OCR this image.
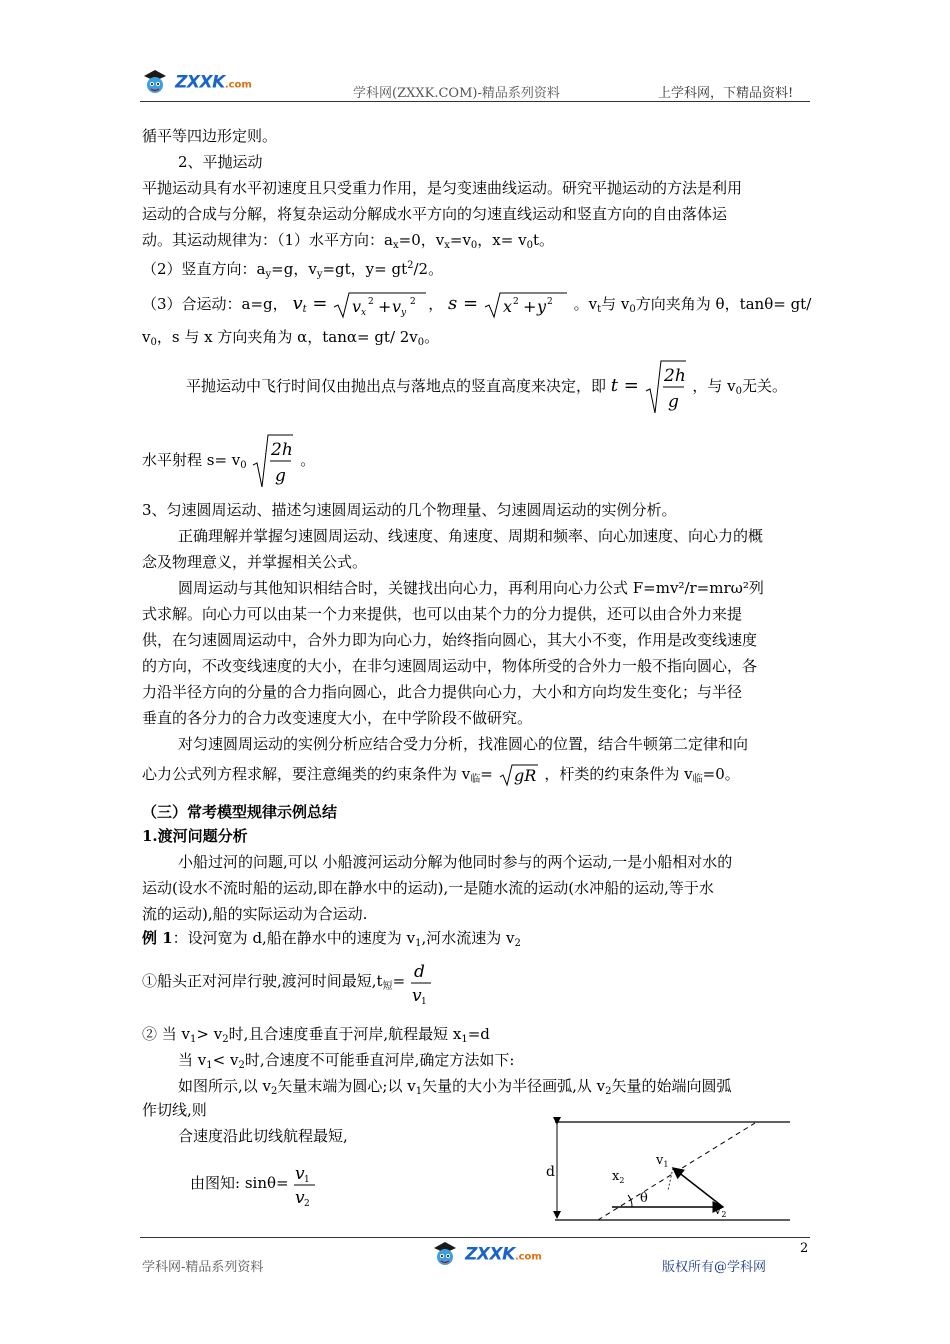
ZXXK.com
学科网(ZXXK.COM)-精品系列资料	上学科网，下精品资料!
循平等四边形定则。
2、平抛运动
平抛运动具有水平初速度且只受重力作用，是匀变速曲线运动。研究平抛运动的方法是利用
运动的合成与分解，将复杂运动分解成水平方向的匀速直线运动和竖直方向的自由落体运
动。其运动规律为：（1）水平方向：$a_x=0$，$v_x=v_0$，$x= v_0t$。
（2）竖直方向：$a_y=g$，$v_y=gt$，$y= gt^2/2$。
（3）合运动：a=g， $v_t = v$ x
2 + v y
2 ， s = x 2 + y 2 。$v_t$与 $v_0$方向夹角为 θ，tanθ= gt/
$v_0$，s 与 x 方向夹角为 α，tanα= gt/ $2v_0$。
平抛运动中飞行时间仅由抛出点与落地点的竖直高度来决定，即 t = 2h
g
，与 $v_0$无关。
水平射程 $s= v_0$
2h
g
。
3、匀速圆周运动、描述匀速圆周运动的几个物理量、匀速圆周运动的实例分析。
正确理解并掌握匀速圆周运动、线速度、角速度、周期和频率、向心加速度、向心力的概
念及物理意义，并掌握相关公式。
圆周运动与其他知识相结合时，关键找出向心力，再利用向心力公式 F=mv²/r=mrω²列
式求解。向心力可以由某一个力来提供，也可以由某个力的分力提供，还可以由合外力来提
供，在匀速圆周运动中，合外力即为向心力，始终指向圆心，其大小不变，作用是改变线速度
的方向，不改变线速度的大小，在非匀速圆周运动中，物体所受的合外力一般不指向圆心，各
力沿半径方向的分量的合力指向圆心，此合力提供向心力，大小和方向均发生变化；与半径
垂直的各分力的合力改变速度大小，在中学阶段不做研究。
对匀速圆周运动的实例分析应结合受力分析，找准圆心的位置，结合牛顿第二定律和向
心力公式列方程求解，要注意绳类的约束条件为 $v_临=$ gR ，杆类的约束条件为 $v_临=0$。
（三）常考模型规律示例总结
1.渡河问题分析
小船过河的问题,可以 小船渡河运动分解为他同时参与的两个运动,一是小船相对水的
运动(设水不流时船的运动,即在静水中的运动),一是随水流的运动(水冲船的运动,等于水
流的运动),船的实际运动为合运动.
例 1：设河宽为 d,船在静水中的速度为 $v_1$,河水流速为 $v_2$
①船头正对河岸行驶,渡河时间最短$,t_短= d$
v 1
② 当 $v_1> v_2$时,且合速度垂直于河岸,航程最短 $x_1=d$
当 $v_1< v_2$时,合速度不可能垂直河岸,确定方法如下:
如图所示,以 $v_2$矢量末端为圆心;以 $v_1$矢量的大小为半径画弧,从 $v_2$矢量的始端向圆弧
作切线,则
合速度沿此切线航程最短,
由图知: sinθ= v 1
v 2
d	$x_2$
$v_1$
θ
$v_2$
2
学科网-精品系列资料
ZXXK.com
版权所有@学科网
